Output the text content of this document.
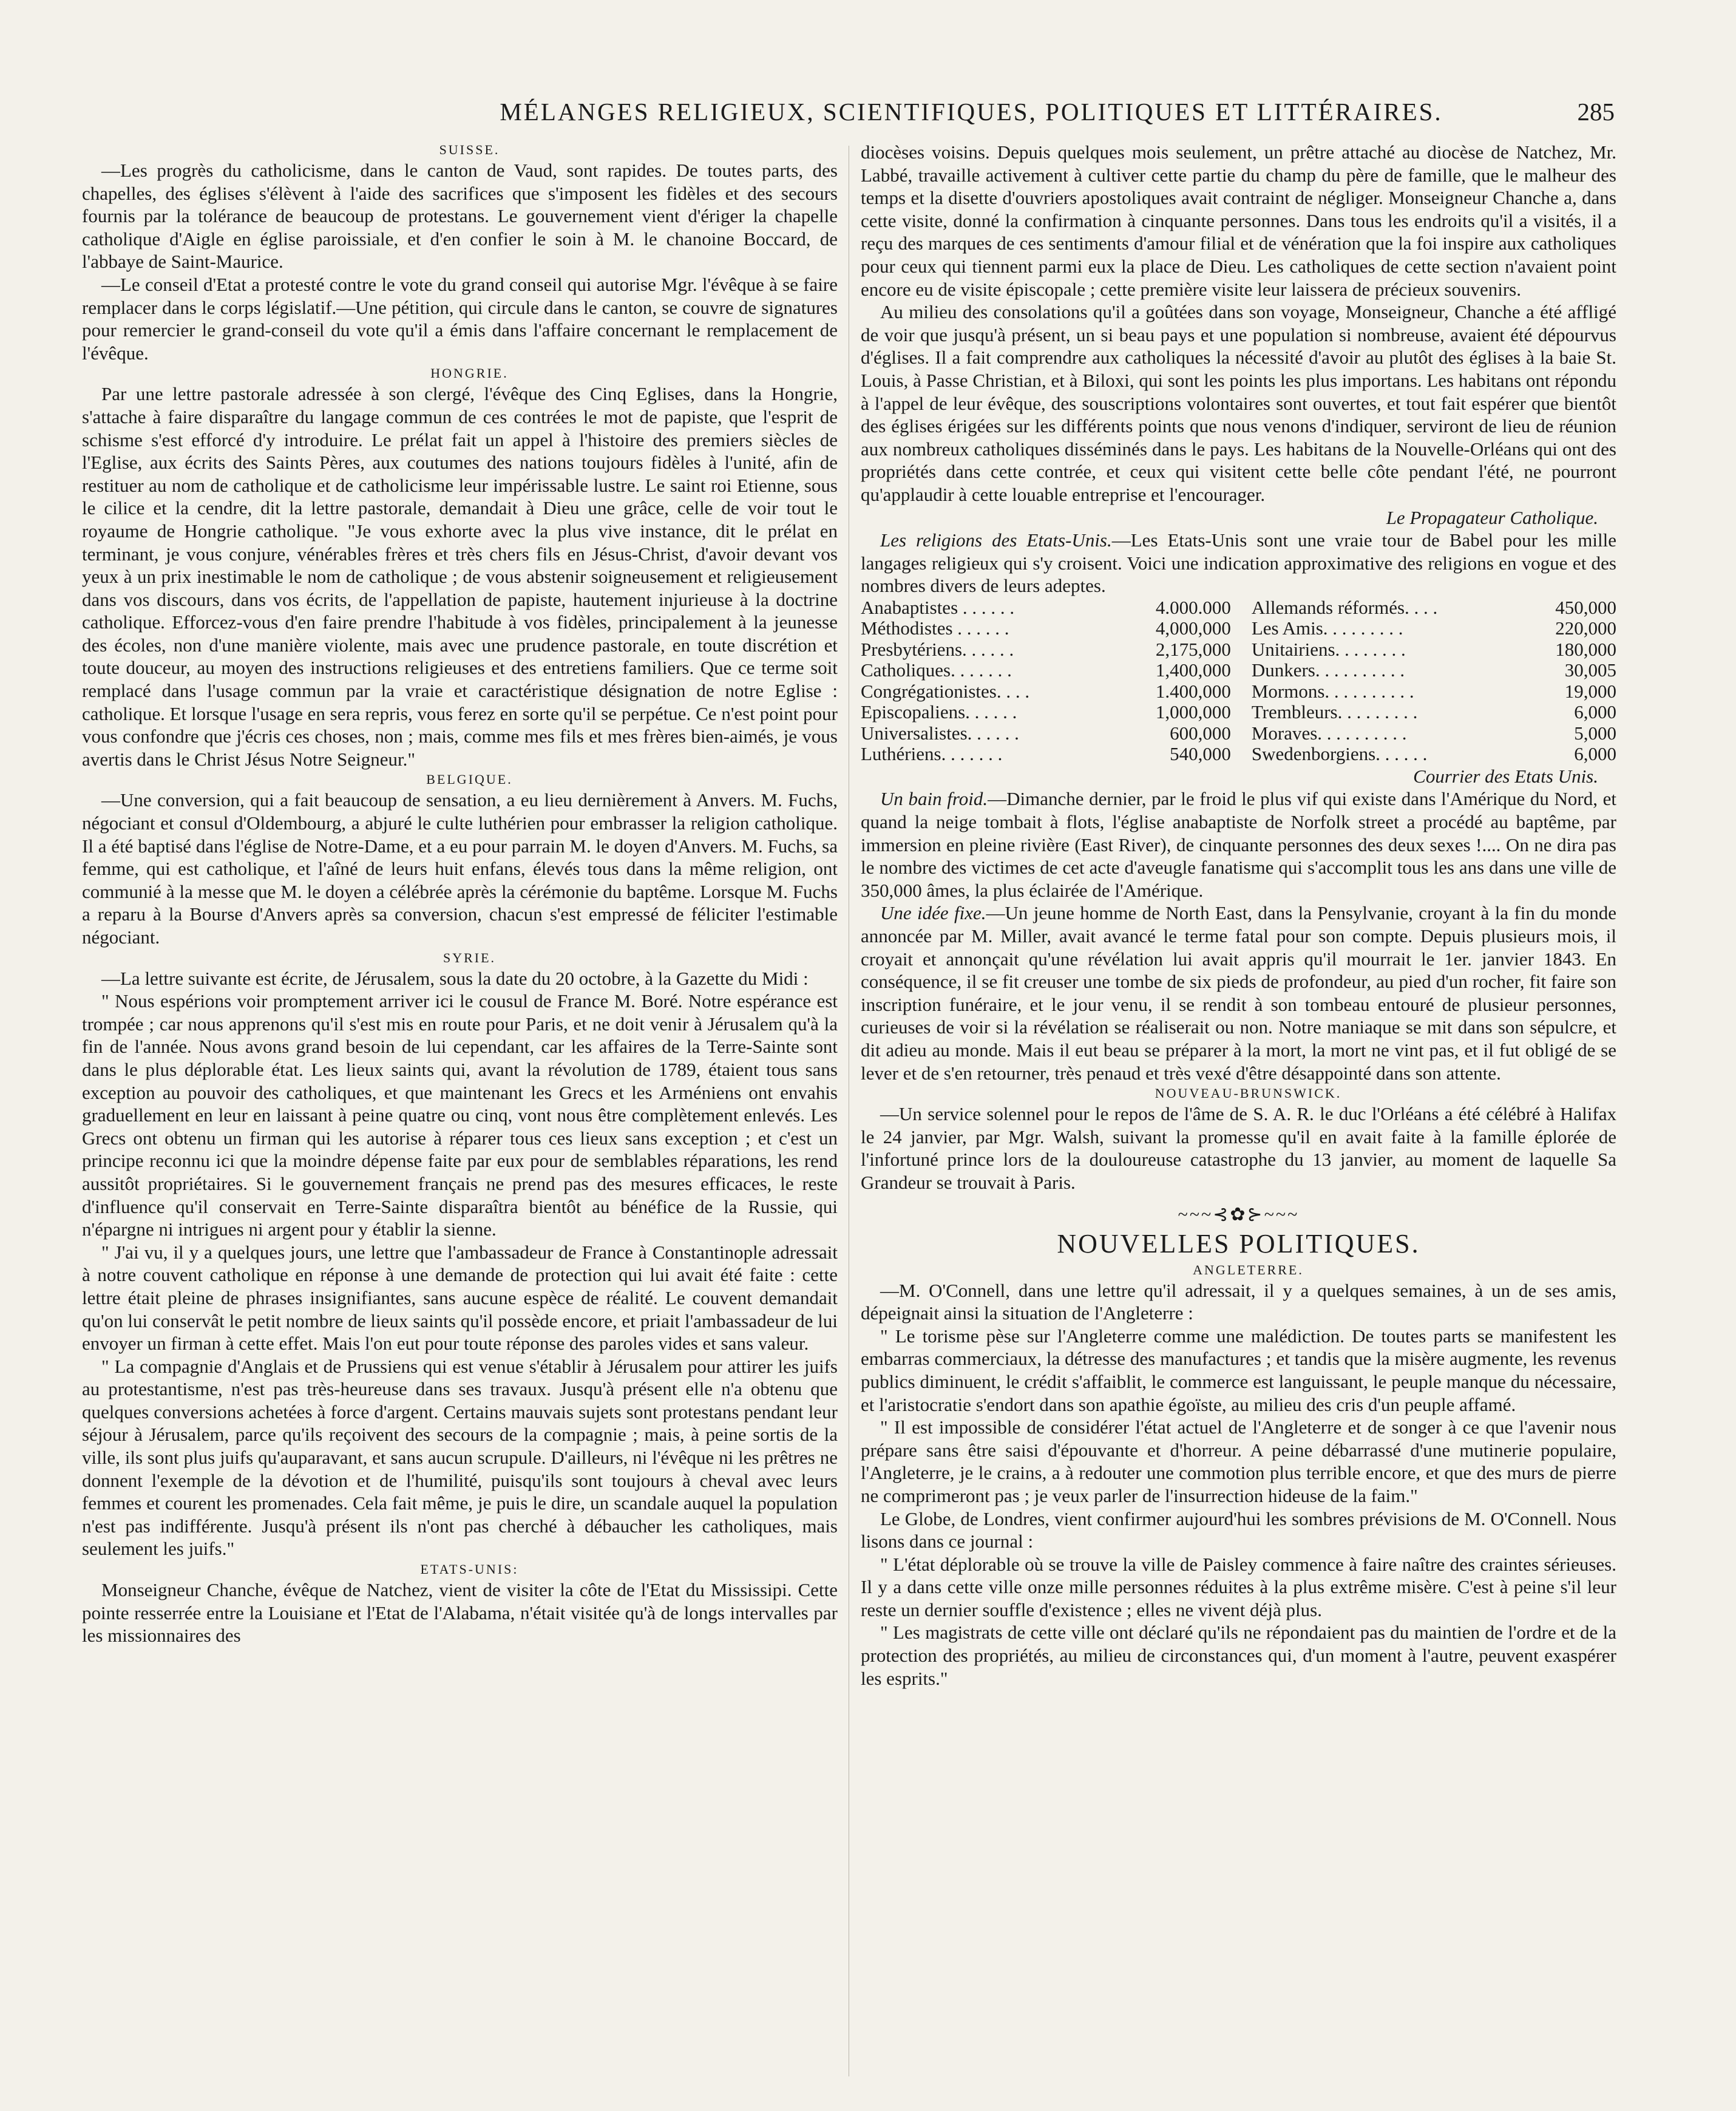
MÉLANGES RELIGIEUX, SCIENTIFIQUES, POLITIQUES ET LITTÉRAIRES.	285

SUISSE.

—Les progrès du catholicisme, dans le canton de Vaud, sont rapides. De toutes parts, des chapelles, des églises s'élèvent à l'aide des sacrifices que s'imposent les fidèles et des secours fournis par la tolérance de beaucoup de protestans. Le gouvernement vient d'ériger la chapelle catholique d'Aigle en église paroissiale, et d'en confier le soin à M. le chanoine Boccard, de l'abbaye de Saint-Maurice.

—Le conseil d'Etat a protesté contre le vote du grand conseil qui autorise Mgr. l'évêque à se faire remplacer dans le corps législatif.—Une pétition, qui circule dans le canton, se couvre de signatures pour remercier le grand-conseil du vote qu'il a émis dans l'affaire concernant le remplacement de l'évêque.

HONGRIE.

Par une lettre pastorale adressée à son clergé, l'évêque des Cinq Eglises, dans la Hongrie, s'attache à faire disparaître du langage commun de ces contrées le mot de papiste, que l'esprit de schisme s'est efforcé d'y introduire. Le prélat fait un appel à l'histoire des premiers siècles de l'Eglise, aux écrits des Saints Pères, aux coutumes des nations toujours fidèles à l'unité, afin de restituer au nom de catholique et de catholicisme leur impérissable lustre. Le saint roi Etienne, sous le cilice et la cendre, dit la lettre pastorale, demandait à Dieu une grâce, celle de voir tout le royaume de Hongrie catholique. "Je vous exhorte avec la plus vive instance, dit le prélat en terminant, je vous conjure, vénérables frères et très chers fils en Jésus-Christ, d'avoir devant vos yeux à un prix inestimable le nom de catholique ; de vous abstenir soigneusement et religieusement dans vos discours, dans vos écrits, de l'appellation de papiste, hautement injurieuse à la doctrine catholique. Efforcez-vous d'en faire prendre l'habitude à vos fidèles, principalement à la jeunesse des écoles, non d'une manière violente, mais avec une prudence pastorale, en toute discrétion et toute douceur, au moyen des instructions religieuses et des entretiens familiers. Que ce terme soit remplacé dans l'usage commun par la vraie et caractéristique désignation de notre Eglise : catholique. Et lorsque l'usage en sera repris, vous ferez en sorte qu'il se perpétue. Ce n'est point pour vous confondre que j'écris ces choses, non ; mais, comme mes fils et mes frères bien-aimés, je vous avertis dans le Christ Jésus Notre Seigneur."

BELGIQUE.

—Une conversion, qui a fait beaucoup de sensation, a eu lieu dernièrement à Anvers. M. Fuchs, négociant et consul d'Oldembourg, a abjuré le culte luthérien pour embrasser la religion catholique. Il a été baptisé dans l'église de Notre-Dame, et a eu pour parrain M. le doyen d'Anvers. M. Fuchs, sa femme, qui est catholique, et l'aîné de leurs huit enfans, élevés tous dans la même religion, ont communié à la messe que M. le doyen a célébrée après la cérémonie du baptême. Lorsque M. Fuchs a reparu à la Bourse d'Anvers après sa conversion, chacun s'est empressé de féliciter l'estimable négociant.

SYRIE.

—La lettre suivante est écrite, de Jérusalem, sous la date du 20 octobre, à la Gazette du Midi :

" Nous espérions voir promptement arriver ici le cousul de France M. Boré. Notre espérance est trompée ; car nous apprenons qu'il s'est mis en route pour Paris, et ne doit venir à Jérusalem qu'à la fin de l'année. Nous avons grand besoin de lui cependant, car les affaires de la Terre-Sainte sont dans le plus déplorable état. Les lieux saints qui, avant la révolution de 1789, étaient tous sans exception au pouvoir des catholiques, et que maintenant les Grecs et les Arméniens ont envahis graduellement en leur en laissant à peine quatre ou cinq, vont nous être complètement enlevés. Les Grecs ont obtenu un firman qui les autorise à réparer tous ces lieux sans exception ; et c'est un principe reconnu ici que la moindre dépense faite par eux pour de semblables réparations, les rend aussitôt propriétaires. Si le gouvernement français ne prend pas des mesures efficaces, le reste d'influence qu'il conservait en Terre-Sainte disparaîtra bientôt au bénéfice de la Russie, qui n'épargne ni intrigues ni argent pour y établir la sienne.

" J'ai vu, il y a quelques jours, une lettre que l'ambassadeur de France à Constantinople adressait à notre couvent catholique en réponse à une demande de protection qui lui avait été faite : cette lettre était pleine de phrases insignifiantes, sans aucune espèce de réalité. Le couvent demandait qu'on lui conservât le petit nombre de lieux saints qu'il possède encore, et priait l'ambassadeur de lui envoyer un firman à cette effet. Mais l'on eut pour toute réponse des paroles vides et sans valeur.

" La compagnie d'Anglais et de Prussiens qui est venue s'établir à Jérusalem pour attirer les juifs au protestantisme, n'est pas très-heureuse dans ses travaux. Jusqu'à présent elle n'a obtenu que quelques conversions achetées à force d'argent. Certains mauvais sujets sont protestans pendant leur séjour à Jérusalem, parce qu'ils reçoivent des secours de la compagnie ; mais, à peine sortis de la ville, ils sont plus juifs qu'auparavant, et sans aucun scrupule. D'ailleurs, ni l'évêque ni les prêtres ne donnent l'exemple de la dévotion et de l'humilité, puisqu'ils sont toujours à cheval avec leurs femmes et courent les promenades. Cela fait même, je puis le dire, un scandale auquel la population n'est pas indifférente. Jusqu'à présent ils n'ont pas cherché à débaucher les catholiques, mais seulement les juifs."

ETATS-UNIS:

Monseigneur Chanche, évêque de Natchez, vient de visiter la côte de l'Etat du Mississipi. Cette pointe resserrée entre la Louisiane et l'Etat de l'Alabama, n'était visitée qu'à de longs intervalles par les missionnaires des

diocèses voisins. Depuis quelques mois seulement, un prêtre attaché au diocèse de Natchez, Mr. Labbé, travaille activement à cultiver cette partie du champ du père de famille, que le malheur des temps et la disette d'ouvriers apostoliques avait contraint de négliger. Monseigneur Chanche a, dans cette visite, donné la confirmation à cinquante personnes. Dans tous les endroits qu'il a visités, il a reçu des marques de ces sentiments d'amour filial et de vénération que la foi inspire aux catholiques pour ceux qui tiennent parmi eux la place de Dieu. Les catholiques de cette section n'avaient point encore eu de visite épiscopale ; cette première visite leur laissera de précieux souvenirs.

Au milieu des consolations qu'il a goûtées dans son voyage, Monseigneur, Chanche a été affligé de voir que jusqu'à présent, un si beau pays et une population si nombreuse, avaient été dépourvus d'églises. Il a fait comprendre aux catholiques la nécessité d'avoir au plutôt des églises à la baie St. Louis, à Passe Christian, et à Biloxi, qui sont les points les plus importans. Les habitans ont répondu à l'appel de leur évêque, des souscriptions volontaires sont ouvertes, et tout fait espérer que bientôt des églises érigées sur les différents points que nous venons d'indiquer, serviront de lieu de réunion aux nombreux catholiques disséminés dans le pays. Les habitans de la Nouvelle-Orléans qui ont des propriétés dans cette contrée, et ceux qui visitent cette belle côte pendant l'été, ne pourront qu'applaudir à cette louable entreprise et l'encourager.

Le Propagateur Catholique.

Les religions des Etats-Unis.—Les Etats-Unis sont une vraie tour de Babel pour les mille langages religieux qui s'y croisent. Voici une indication approximative des religions en vogue et des nombres divers de leurs adeptes.

Anabaptistes . . . . . .	4.000.000	Allemands réformés. . . .	450,000
Méthodistes . . . . . .	4,000,000	Les Amis. . . . . . . . .	220,000
Presbytériens. . . . . .	2,175,000	Unitairiens. . . . . . . .	180,000
Catholiques. . . . . . .	1,400,000	Dunkers. . . . . . . . . .	30,005
Congrégationistes. . . .	1.400,000	Mormons. . . . . . . . . .	19,000
Episcopaliens. . . . . .	1,000,000	Trembleurs. . . . . . . . .	6,000
Universalistes. . . . . .	600,000	Moraves. . . . . . . . . .	5,000
Luthériens. . . . . . .	540,000	Swedenborgiens. . . . . .	6,000

Courrier des Etats Unis.

Un bain froid.—Dimanche dernier, par le froid le plus vif qui existe dans l'Amérique du Nord, et quand la neige tombait à flots, l'église anabaptiste de Norfolk street a procédé au baptême, par immersion en pleine rivière (East River), de cinquante personnes des deux sexes !.... On ne dira pas le nombre des victimes de cet acte d'aveugle fanatisme qui s'accomplit tous les ans dans une ville de 350,000 âmes, la plus éclairée de l'Amérique.

Une idée fixe.—Un jeune homme de North East, dans la Pensylvanie, croyant à la fin du monde annoncée par M. Miller, avait avancé le terme fatal pour son compte. Depuis plusieurs mois, il croyait et annonçait qu'une révélation lui avait appris qu'il mourrait le 1er. janvier 1843. En conséquence, il se fit creuser une tombe de six pieds de profondeur, au pied d'un rocher, fit faire son inscription funéraire, et le jour venu, il se rendit à son tombeau entouré de plusieur personnes, curieuses de voir si la révélation se réaliserait ou non. Notre maniaque se mit dans son sépulcre, et dit adieu au monde. Mais il eut beau se préparer à la mort, la mort ne vint pas, et il fut obligé de se lever et de s'en retourner, très penaud et très vexé d'être désappointé dans son attente.

NOUVEAU-BRUNSWICK.

—Un service solennel pour le repos de l'âme de S. A. R. le duc l'Orléans a été célébré à Halifax le 24 janvier, par Mgr. Walsh, suivant la promesse qu'il en avait faite à la famille éplorée de l'infortuné prince lors de la douloureuse catastrophe du 13 janvier, au moment de laquelle Sa Grandeur se trouvait à Paris.

~~~⊰✿⊱~~~
NOUVELLES POLITIQUES.

ANGLETERRE.

—M. O'Connell, dans une lettre qu'il adressait, il y a quelques semaines, à un de ses amis, dépeignait ainsi la situation de l'Angleterre :

" Le torisme pèse sur l'Angleterre comme une malédiction. De toutes parts se manifestent les embarras commerciaux, la détresse des manufactures ; et tandis que la misère augmente, les revenus publics diminuent, le crédit s'affaiblit, le commerce est languissant, le peuple manque du nécessaire, et l'aristocratie s'endort dans son apathie égoïste, au milieu des cris d'un peuple affamé.

" Il est impossible de considérer l'état actuel de l'Angleterre et de songer à ce que l'avenir nous prépare sans être saisi d'épouvante et d'horreur. A peine débarrassé d'une mutinerie populaire, l'Angleterre, je le crains, a à redouter une commotion plus terrible encore, et que des murs de pierre ne comprimeront pas ; je veux parler de l'insurrection hideuse de la faim."

Le Globe, de Londres, vient confirmer aujourd'hui les sombres prévisions de M. O'Connell. Nous lisons dans ce journal :

" L'état déplorable où se trouve la ville de Paisley commence à faire naître des craintes sérieuses. Il y a dans cette ville onze mille personnes réduites à la plus extrême misère. C'est à peine s'il leur reste un dernier souffle d'existence ; elles ne vivent déjà plus.

" Les magistrats de cette ville ont déclaré qu'ils ne répondaient pas du maintien de l'ordre et de la protection des propriétés, au milieu de circonstances qui, d'un moment à l'autre, peuvent exaspérer les esprits."
